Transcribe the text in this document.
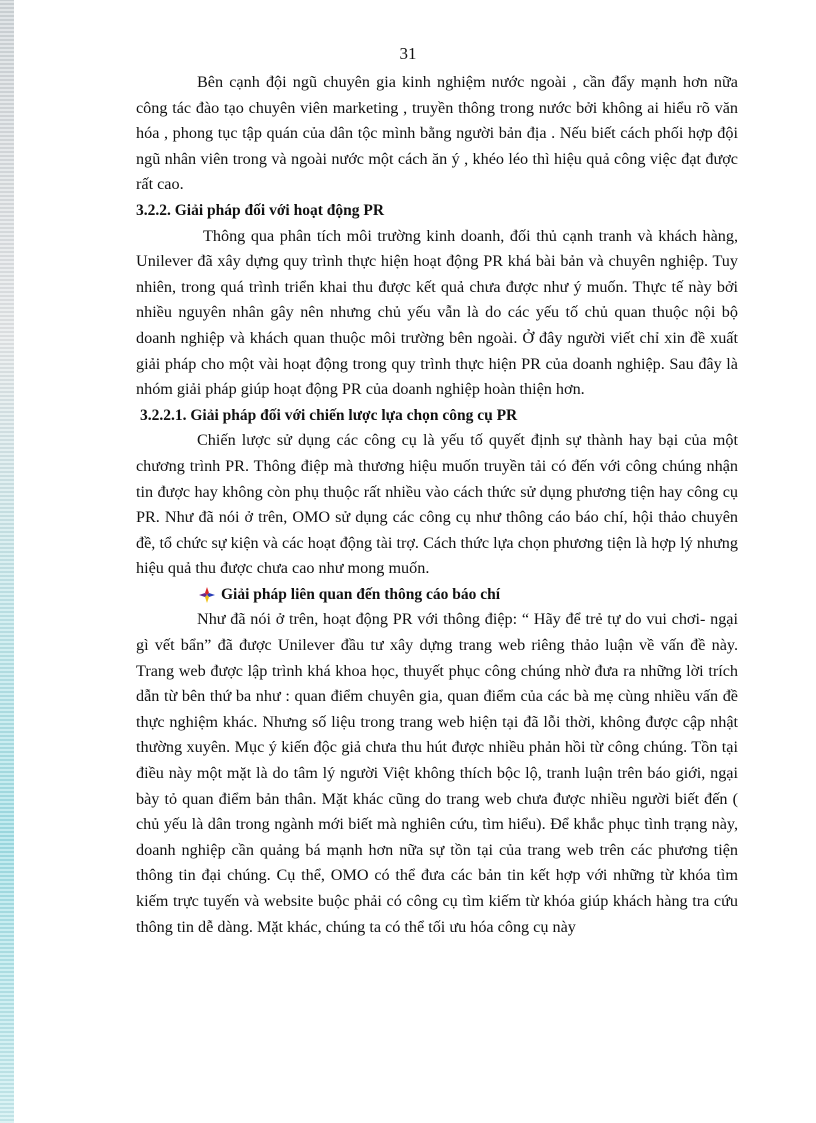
31

Bên cạnh đội ngũ chuyên gia kinh nghiệm nước ngoài , cần đẩy mạnh hơn nữa công tác đào tạo chuyên viên marketing , truyền thông trong nước bởi không ai hiểu rõ văn hóa , phong tục tập quán của dân tộc mình bằng người bản địa . Nếu biết cách phối hợp đội ngũ nhân viên trong và ngoài nước một cách ăn ý , khéo léo thì hiệu quả công việc đạt được rất cao.

3.2.2. Giải pháp đối với hoạt động PR

Thông qua phân tích môi trường kinh doanh, đối thủ cạnh tranh và khách hàng, Unilever đã xây dựng quy trình thực hiện hoạt động PR khá bài bản và chuyên nghiệp. Tuy nhiên, trong quá trình triển khai thu được kết quả chưa được như ý muốn. Thực tế này bởi nhiều nguyên nhân gây nên nhưng chủ yếu vẫn là do các yếu tố chủ quan thuộc nội bộ doanh nghiệp và khách quan thuộc môi trường bên ngoài. Ở đây người viết chỉ xin đề xuất giải pháp cho một vài hoạt động trong quy trình thực hiện PR của doanh nghiệp. Sau đây là nhóm giải pháp giúp hoạt động PR của doanh nghiệp hoàn thiện hơn.

3.2.2.1. Giải pháp đối với chiến lược lựa chọn công cụ PR

Chiến lược sử dụng các công cụ là yếu tố quyết định sự thành hay bại của một chương trình PR. Thông điệp mà thương hiệu muốn truyền tải có đến với công chúng nhận tin được hay không còn phụ thuộc rất nhiều vào cách thức sử dụng phương tiện hay công cụ PR. Như đã nói ở trên, OMO sử dụng các công cụ như thông cáo báo chí, hội thảo chuyên đề, tổ chức sự kiện và các hoạt động tài trợ. Cách thức lựa chọn phương tiện là hợp lý nhưng hiệu quả thu được chưa cao như mong muốn.

Giải pháp liên quan đến thông cáo báo chí

Như đã nói ở trên, hoạt động PR với thông điệp: “ Hãy để trẻ tự do vui chơi- ngại gì vết bẩn” đã được Unilever đầu tư xây dựng trang web riêng thảo luận về vấn đề này. Trang web được lập trình khá khoa học, thuyết phục công chúng nhờ đưa ra những lời trích dẫn từ bên thứ ba như : quan điểm chuyên gia, quan điểm của các bà mẹ cùng nhiều vấn đề thực nghiệm khác. Nhưng số liệu trong trang web hiện tại đã lỗi thời, không được cập nhật thường xuyên. Mục ý kiến độc giả chưa thu hút được nhiều phản hồi từ công chúng. Tồn tại điều này một mặt là do tâm lý người Việt không thích bộc lộ, tranh luận trên báo giới, ngại bày tỏ quan điểm bản thân. Mặt khác cũng do trang web chưa được nhiều người biết đến ( chủ yếu là dân trong ngành mới biết mà nghiên cứu, tìm hiểu). Để khắc phục tình trạng này, doanh nghiệp cần quảng bá mạnh hơn nữa sự tồn tại của trang web trên các phương tiện thông tin đại chúng. Cụ thể, OMO có thể đưa các bản tin kết hợp với những từ khóa tìm kiếm trực tuyến và website buộc phải có công cụ tìm kiếm từ khóa giúp khách hàng tra cứu thông tin dễ dàng. Mặt khác, chúng ta có thể tối ưu hóa công cụ này
